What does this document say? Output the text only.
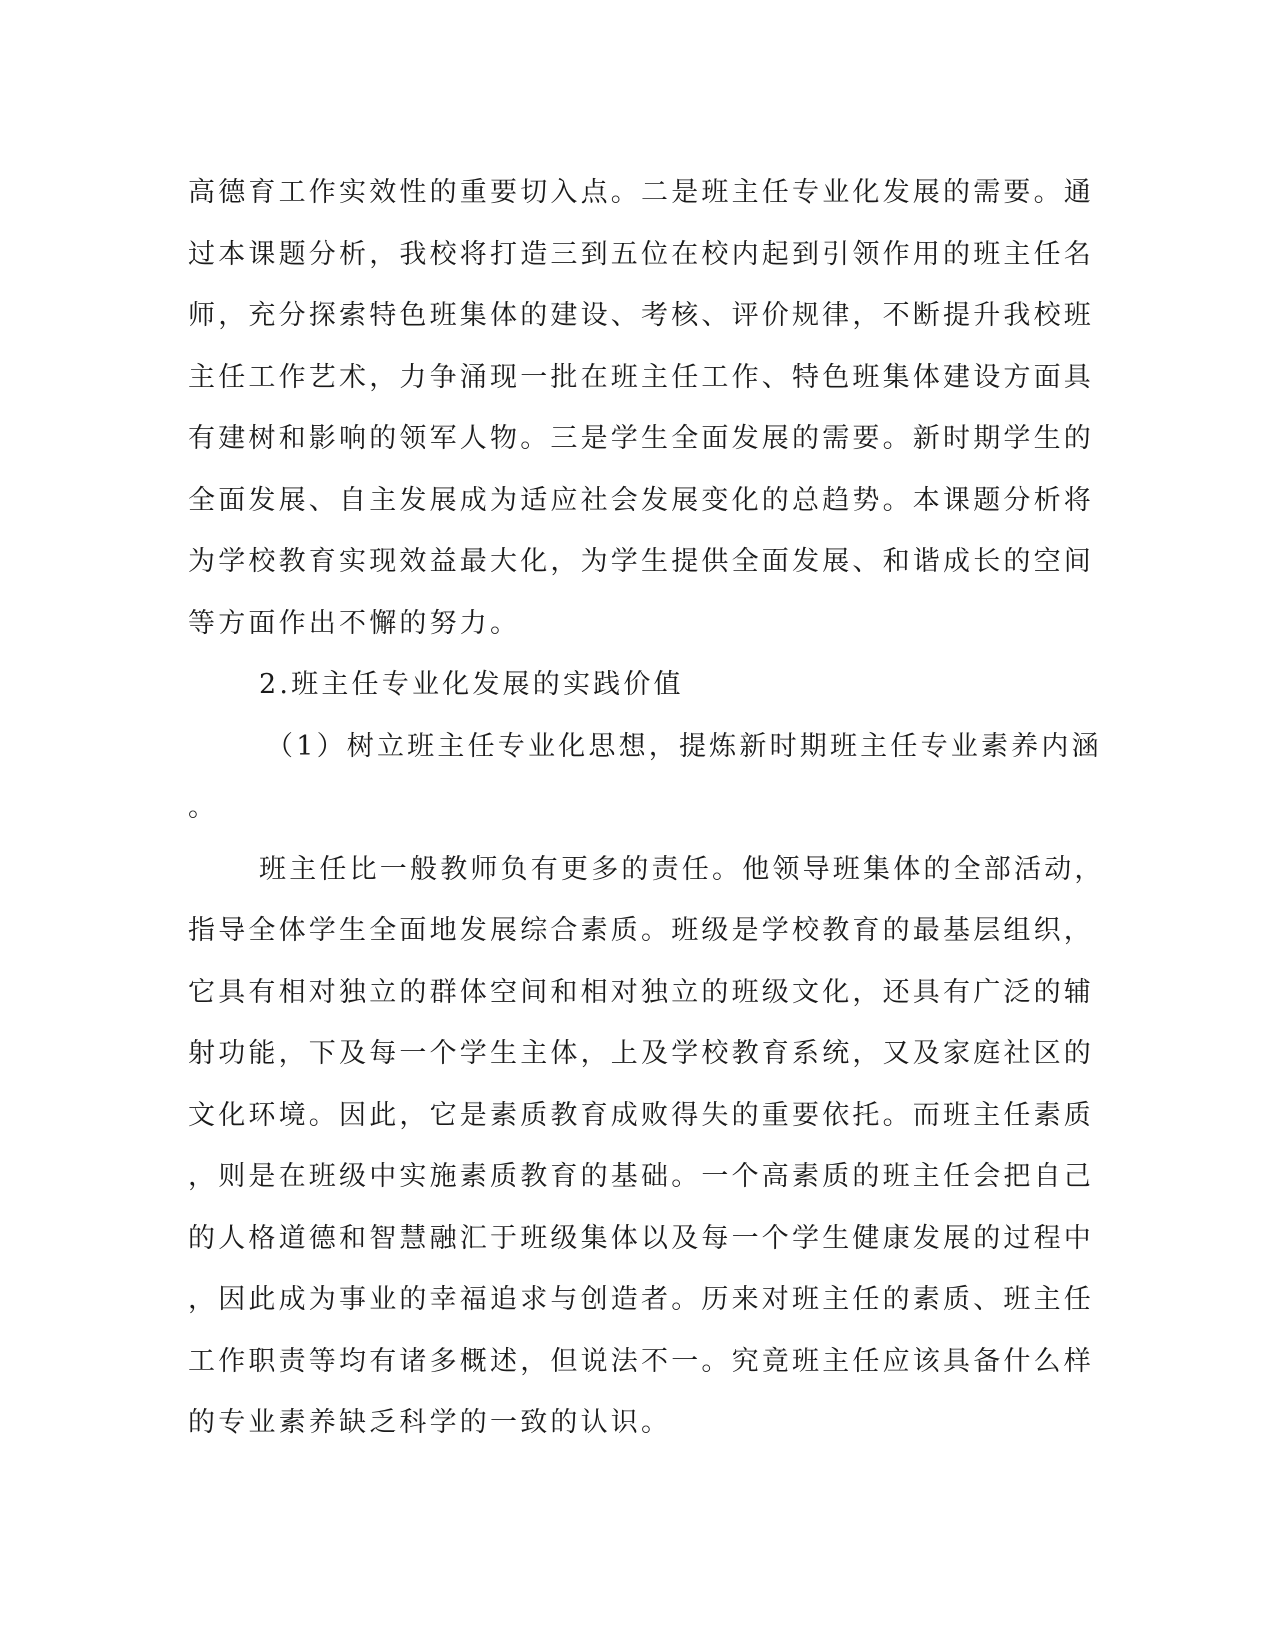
高德育工作实效性的重要切入点。二是班主任专业化发展的需要。通
过本课题分析，我校将打造三到五位在校内起到引领作用的班主任名
师，充分探索特色班集体的建设、考核、评价规律，不断提升我校班
主任工作艺术，力争涌现一批在班主任工作、特色班集体建设方面具
有建树和影响的领军人物。三是学生全面发展的需要。新时期学生的
全面发展、自主发展成为适应社会发展变化的总趋势。本课题分析将
为学校教育实现效益最大化，为学生提供全面发展、和谐成长的空间
等方面作出不懈的努力。
2.班主任专业化发展的实践价值
（1）树立班主任专业化思想，提炼新时期班主任专业素养内涵
。
班主任比一般教师负有更多的责任。他领导班集体的全部活动，
指导全体学生全面地发展综合素质。班级是学校教育的最基层组织，
它具有相对独立的群体空间和相对独立的班级文化，还具有广泛的辅
射功能，下及每一个学生主体，上及学校教育系统，又及家庭社区的
文化环境。因此，它是素质教育成败得失的重要依托。而班主任素质
，则是在班级中实施素质教育的基础。一个高素质的班主任会把自己
的人格道德和智慧融汇于班级集体以及每一个学生健康发展的过程中
，因此成为事业的幸福追求与创造者。历来对班主任的素质、班主任
工作职责等均有诸多概述，但说法不一。究竟班主任应该具备什么样
的专业素养缺乏科学的一致的认识。
